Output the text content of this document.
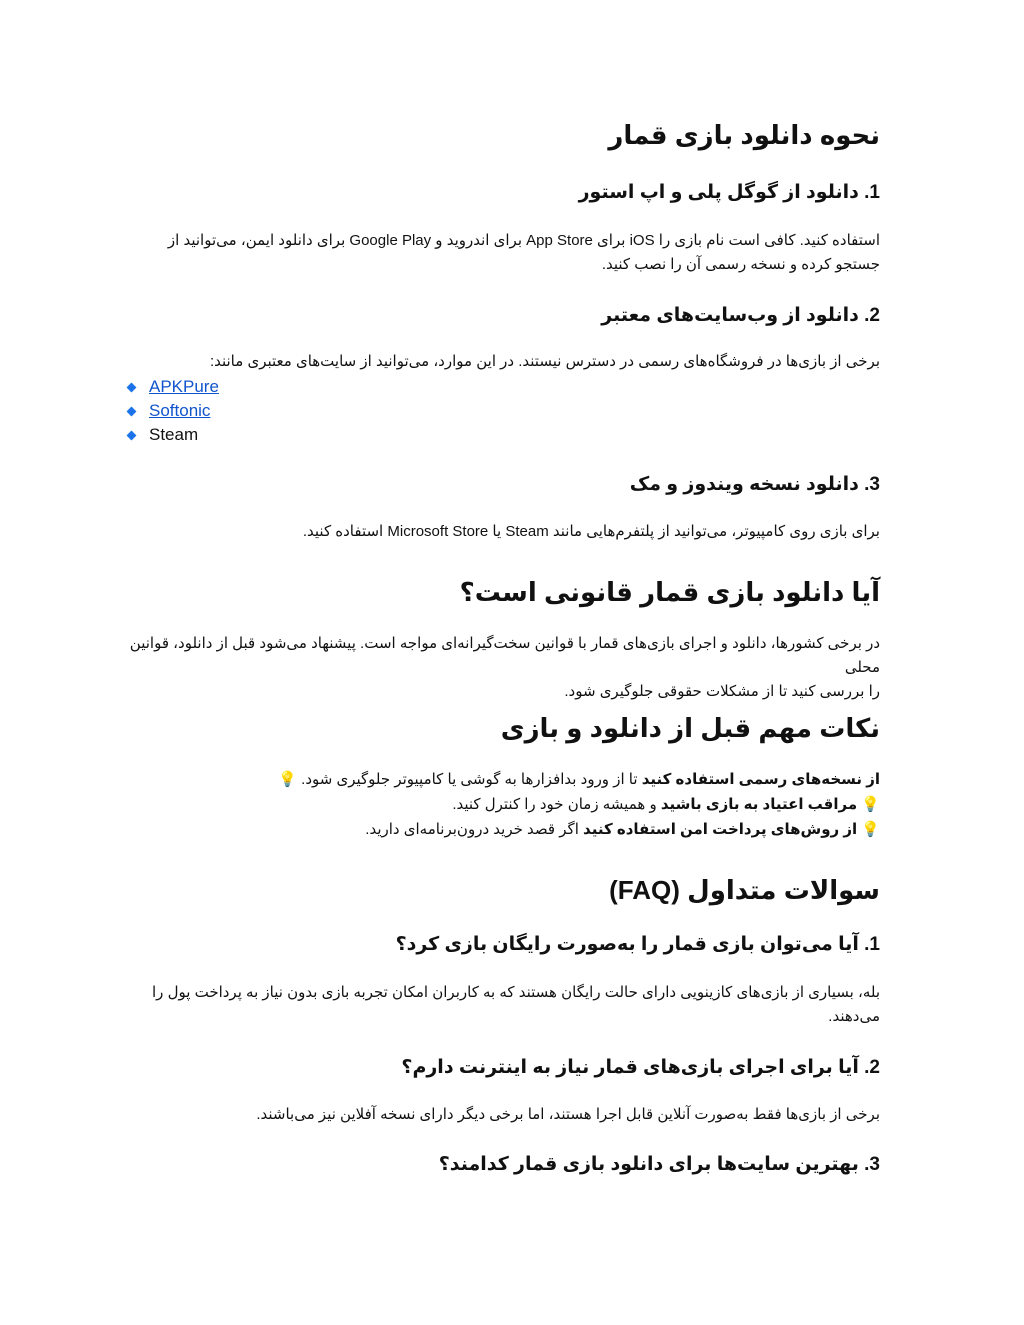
نحوه دانلود بازی قمار
1. دانلود از گوگل پلی و اپ استور

استفاده کنید. کافی است نام بازی را iOS برای App Store برای اندروید و Google Play برای دانلود ایمن، می‌توانید از
جستجو کرده و نسخه رسمی آن را نصب کنید.

2. دانلود از وب‌سایت‌های معتبر

برخی از بازی‌ها در فروشگاه‌های رسمی در دسترس نیستند. در این موارد، می‌توانید از سایت‌های معتبری مانند:

APKPure
Softonic
Steam
3. دانلود نسخه ویندوز و مک

برای بازی روی کامپیوتر، می‌توانید از پلتفرم‌هایی مانند Steam یا Microsoft Store استفاده کنید.

آیا دانلود بازی قمار قانونی است؟

در برخی کشورها، دانلود و اجرای بازی‌های قمار با قوانین سخت‌گیرانه‌ای مواجه است. پیشنهاد می‌شود قبل از دانلود، قوانین محلی
را بررسی کنید تا از مشکلات حقوقی جلوگیری شود.

نکات مهم قبل از دانلود و بازی
از نسخه‌های رسمی استفاده کنید تا از ورود بدافزارها به گوشی یا کامپیوتر جلوگیری شود. 💡
💡 مراقب اعتیاد به بازی باشید و همیشه زمان خود را کنترل کنید.
💡 از روش‌های پرداخت امن استفاده کنید اگر قصد خرید درون‌برنامه‌ای دارید.
سوالات متداول (FAQ)
1. آیا می‌توان بازی قمار را به‌صورت رایگان بازی کرد؟

بله، بسیاری از بازی‌های کازینویی دارای حالت رایگان هستند که به کاربران امکان تجربه بازی بدون نیاز به پرداخت پول را
می‌دهند.

2. آیا برای اجرای بازی‌های قمار نیاز به اینترنت دارم؟

برخی از بازی‌ها فقط به‌صورت آنلاین قابل اجرا هستند، اما برخی دیگر دارای نسخه آفلاین نیز می‌باشند.

3. بهترین سایت‌ها برای دانلود بازی قمار کدامند؟
